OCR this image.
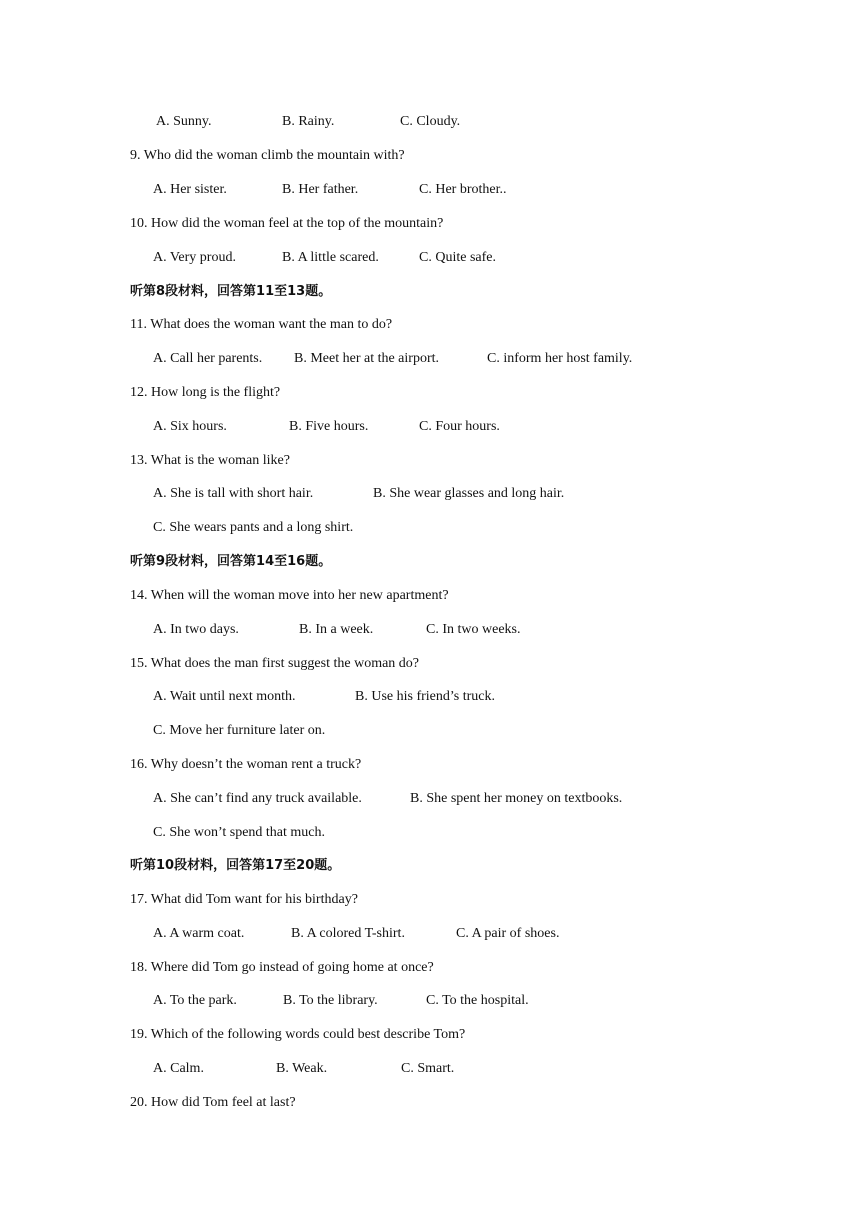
A. Sunny.	B. Rainy.	C. Cloudy.
9. Who did the woman climb the mountain with?
A. Her sister.	B. Her father.	C. Her brother..
10. How did the woman feel at the top of the mountain?
A. Very proud.	B. A little scared.	C. Quite safe.
听第8段材料，回答第11至13题。
11. What does the woman want the man to do?
A. Call her parents. B. Meet her at the airport.	C. inform her host family.
12. How long is the flight?
A. Six hours.	B. Five hours.	C. Four hours.
13. What is the woman like?
A. She is tall with short hair.	B. She wear glasses and long hair.
C. She wears pants and a long shirt.
听第9段材料，回答第14至16题。
14. When will the woman move into her new apartment?
A. In two days.	B. In a week.	C. In two weeks.
15. What does the man first suggest the woman do?
A. Wait until next month.	B. Use his friend’s truck.
C. Move her furniture later on.
16. Why doesn’t the woman rent a truck?
A. She can’t find any truck available.	B. She spent her money on textbooks.
C. She won’t spend that much.
听第10段材料，回答第17至20题。
17. What did Tom want for his birthday?
A. A warm coat.	B. A colored T-shirt.	C. A pair of shoes.
18. Where did Tom go instead of going home at once?
A. To the park.	B. To the library.	C. To the hospital.
19. Which of the following words could best describe Tom?
A. Calm.	B. Weak.	C. Smart.
20. How did Tom feel at last?
